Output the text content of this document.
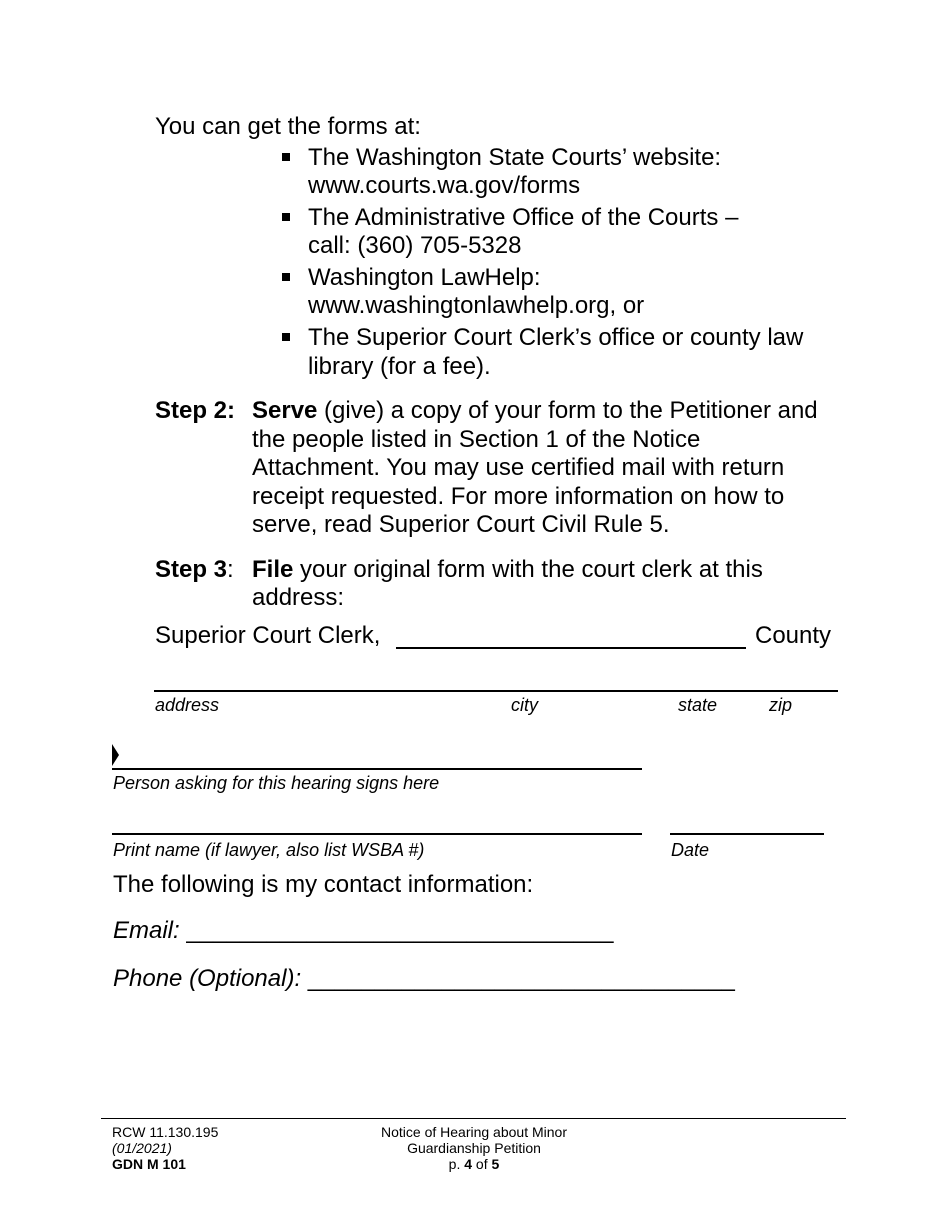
You can get the forms at:
The Washington State Courts’ website:
www.courts.wa.gov/forms
The Administrative Office of the Courts –
call: (360) 705-5328
Washington LawHelp:
www.washingtonlawhelp.org, or
The Superior Court Clerk’s office or county law
library (for a fee).
Step 2: Serve (give) a copy of your form to the Petitioner and
the people listed in Section 1 of the Notice
Attachment. You may use certified mail with return
receipt requested. For more information on how to
serve, read Superior Court Civil Rule 5.
Step 3: File your original form with the court clerk at this
address:
Superior Court Clerk,	County
address	city	state	zip
Person asking for this hearing signs here
Print name (if lawyer, also list WSBA #)	Date
The following is my contact information:
Email: ________________________________
Phone (Optional): ________________________________
RCW 11.130.195
(01/2021)
GDN M 101
Notice of Hearing about Minor
Guardianship Petition
p. 4 of 5
